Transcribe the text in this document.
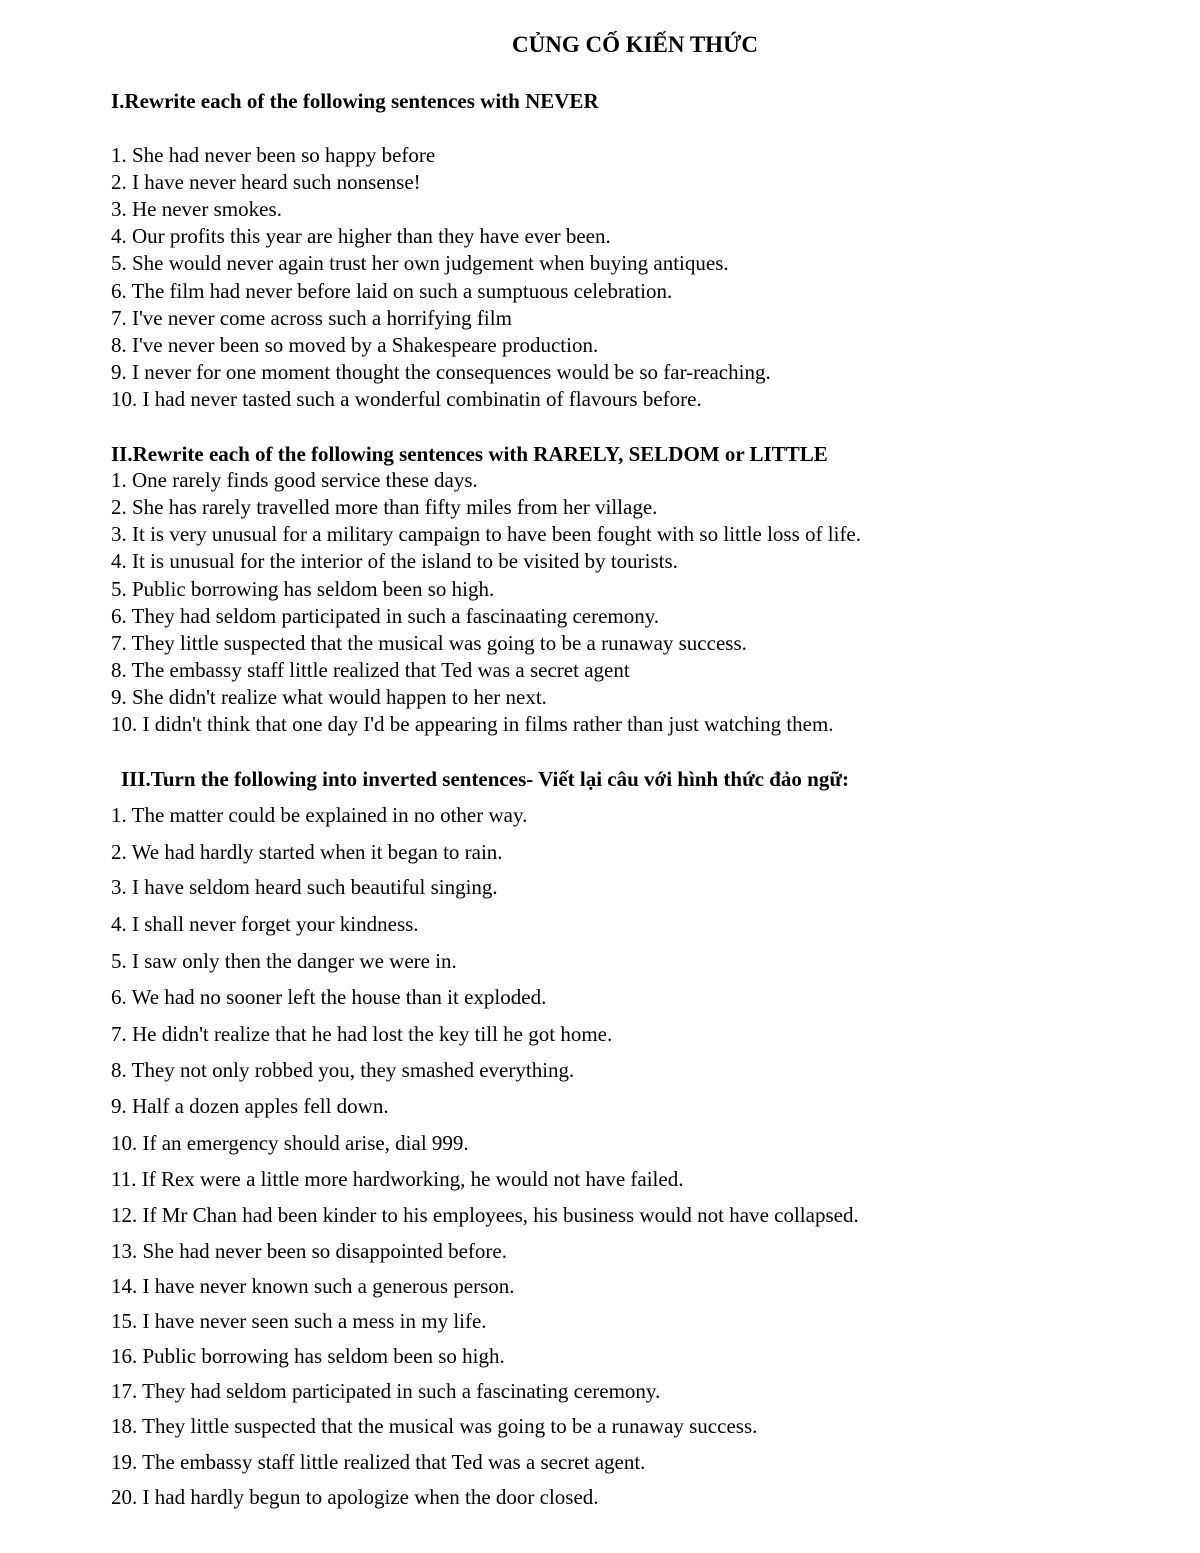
CỦNG CỐ KIẾN THỨC
I.Rewrite each of the following sentences with NEVER

1. She had never been so happy before

2. I have never heard such nonsense!

3. He never smokes.

4. Our profits this year are higher than they have ever been.

5. She would never again trust her own judgement when buying antiques.

6. The film had never before laid on such a sumptuous celebration.

7. I've never come across such a horrifying film

8. I've never been so moved by a Shakespeare production.

9. I never for one moment thought the consequences would be so far-reaching.

10. I had never tasted such a wonderful combinatin of flavours before.

II.Rewrite each of the following sentences with RARELY, SELDOM or LITTLE

1. One rarely finds good service these days.

2. She has rarely travelled more than fifty miles from her village.

3. It is very unusual for a military campaign to have been fought with so little loss of life.

4. It is unusual for the interior of the island to be visited by tourists.

5. Public borrowing has seldom been so high.

6. They had seldom participated in such a fascinaating ceremony.

7. They little suspected that the musical was going to be a runaway success.

8. The embassy staff little realized that Ted was a secret agent

9. She didn't realize what would happen to her next.

10. I didn't think that one day I'd be appearing in films rather than just watching them.

III.Turn the following into inverted sentences- Viết lại câu với hình thức đảo ngữ:

1. The matter could be explained in no other way.

2. We had hardly started when it began to rain.

3. I have seldom heard such beautiful singing.

4. I shall never forget your kindness.

5. I saw only then the danger we were in.

6. We had no sooner left the house than it exploded.

7. He didn't realize that he had lost the key till he got home.

8. They not only robbed you, they smashed everything.

9. Half a dozen apples fell down.

10. If an emergency should arise, dial 999.

11. If Rex were a little more hardworking, he would not have failed.

12. If Mr Chan had been kinder to his employees, his business would not have collapsed.

13. She had never been so disappointed before.

14. I have never known such a generous person.

15. I have never seen such a mess in my life.

16. Public borrowing has seldom been so high.

17. They had seldom participated in such a fascinating ceremony.

18. They little suspected that the musical was going to be a runaway success.

19. The embassy staff little realized that Ted was a secret agent.

20. I had hardly begun to apologize when the door closed.
